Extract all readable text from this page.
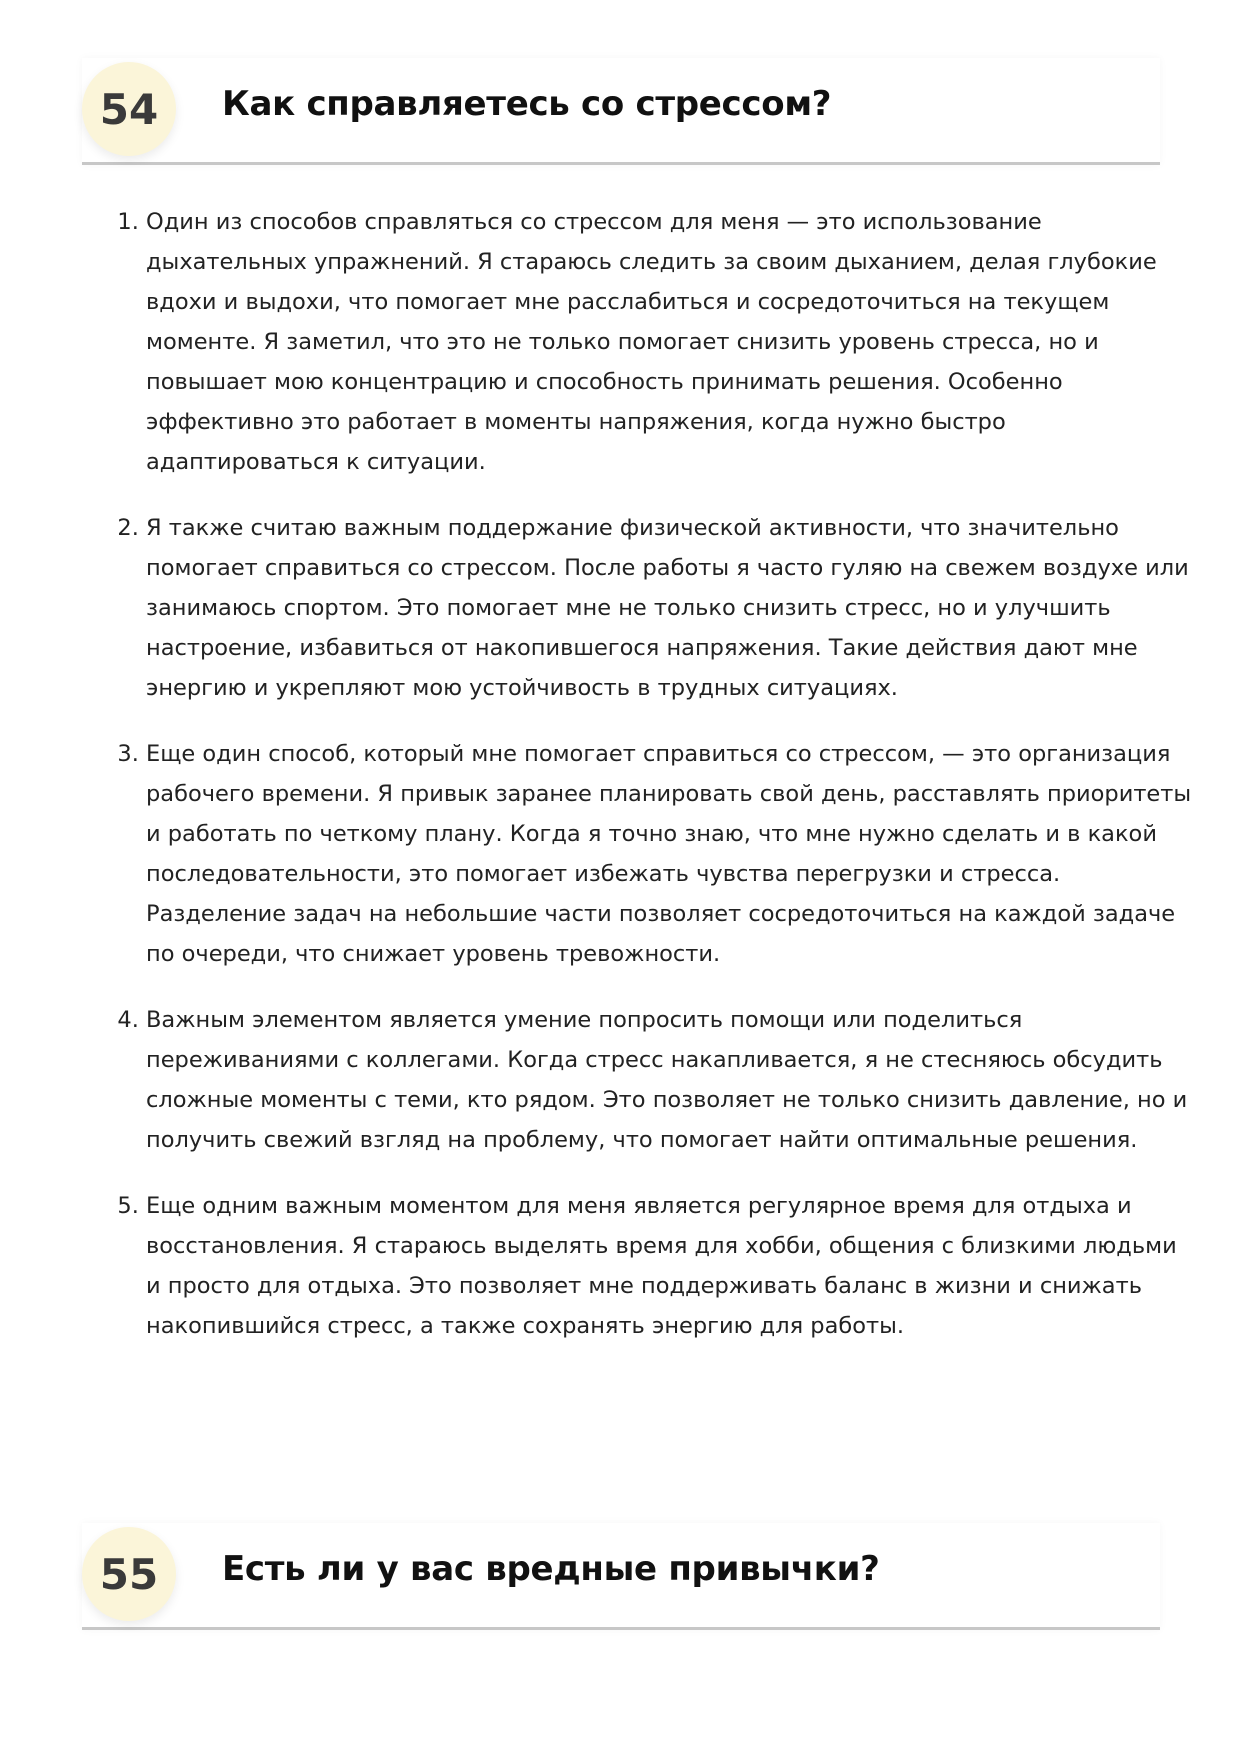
54	Как справляетесь со стрессом?
1. Один из способов справляться со стрессом для меня — это использование дыхательных упражнений. Я стараюсь следить за своим дыханием, делая глубокие вдохи и выдохи, что помогает мне расслабиться и сосредоточиться на текущем моменте. Я заметил, что это не только помогает снизить уровень стресса, но и повышает мою концентрацию и способность принимать решения. Особенно эффективно это работает в моменты напряжения, когда нужно быстро адаптироваться к ситуации.
2. Я также считаю важным поддержание физической активности, что значительно помогает справиться со стрессом. После работы я часто гуляю на свежем воздухе или занимаюсь спортом. Это помогает мне не только снизить стресс, но и улучшить настроение, избавиться от накопившегося напряжения. Такие действия дают мне энергию и укрепляют мою устойчивость в трудных ситуациях.
3. Еще один способ, который мне помогает справиться со стрессом, — это организация рабочего времени. Я привык заранее планировать свой день, расставлять приоритеты и работать по четкому плану. Когда я точно знаю, что мне нужно сделать и в какой последовательности, это помогает избежать чувства перегрузки и стресса. Разделение задач на небольшие части позволяет сосредоточиться на каждой задаче по очереди, что снижает уровень тревожности.
4. Важным элементом является умение попросить помощи или поделиться переживаниями с коллегами. Когда стресс накапливается, я не стесняюсь обсудить сложные моменты с теми, кто рядом. Это позволяет не только снизить давление, но и получить свежий взгляд на проблему, что помогает найти оптимальные решения.
5. Еще одним важным моментом для меня является регулярное время для отдыха и восстановления. Я стараюсь выделять время для хобби, общения с близкими людьми и просто для отдыха. Это позволяет мне поддерживать баланс в жизни и снижать накопившийся стресс, а также сохранять энергию для работы.
55	Есть ли у вас вредные привычки?
